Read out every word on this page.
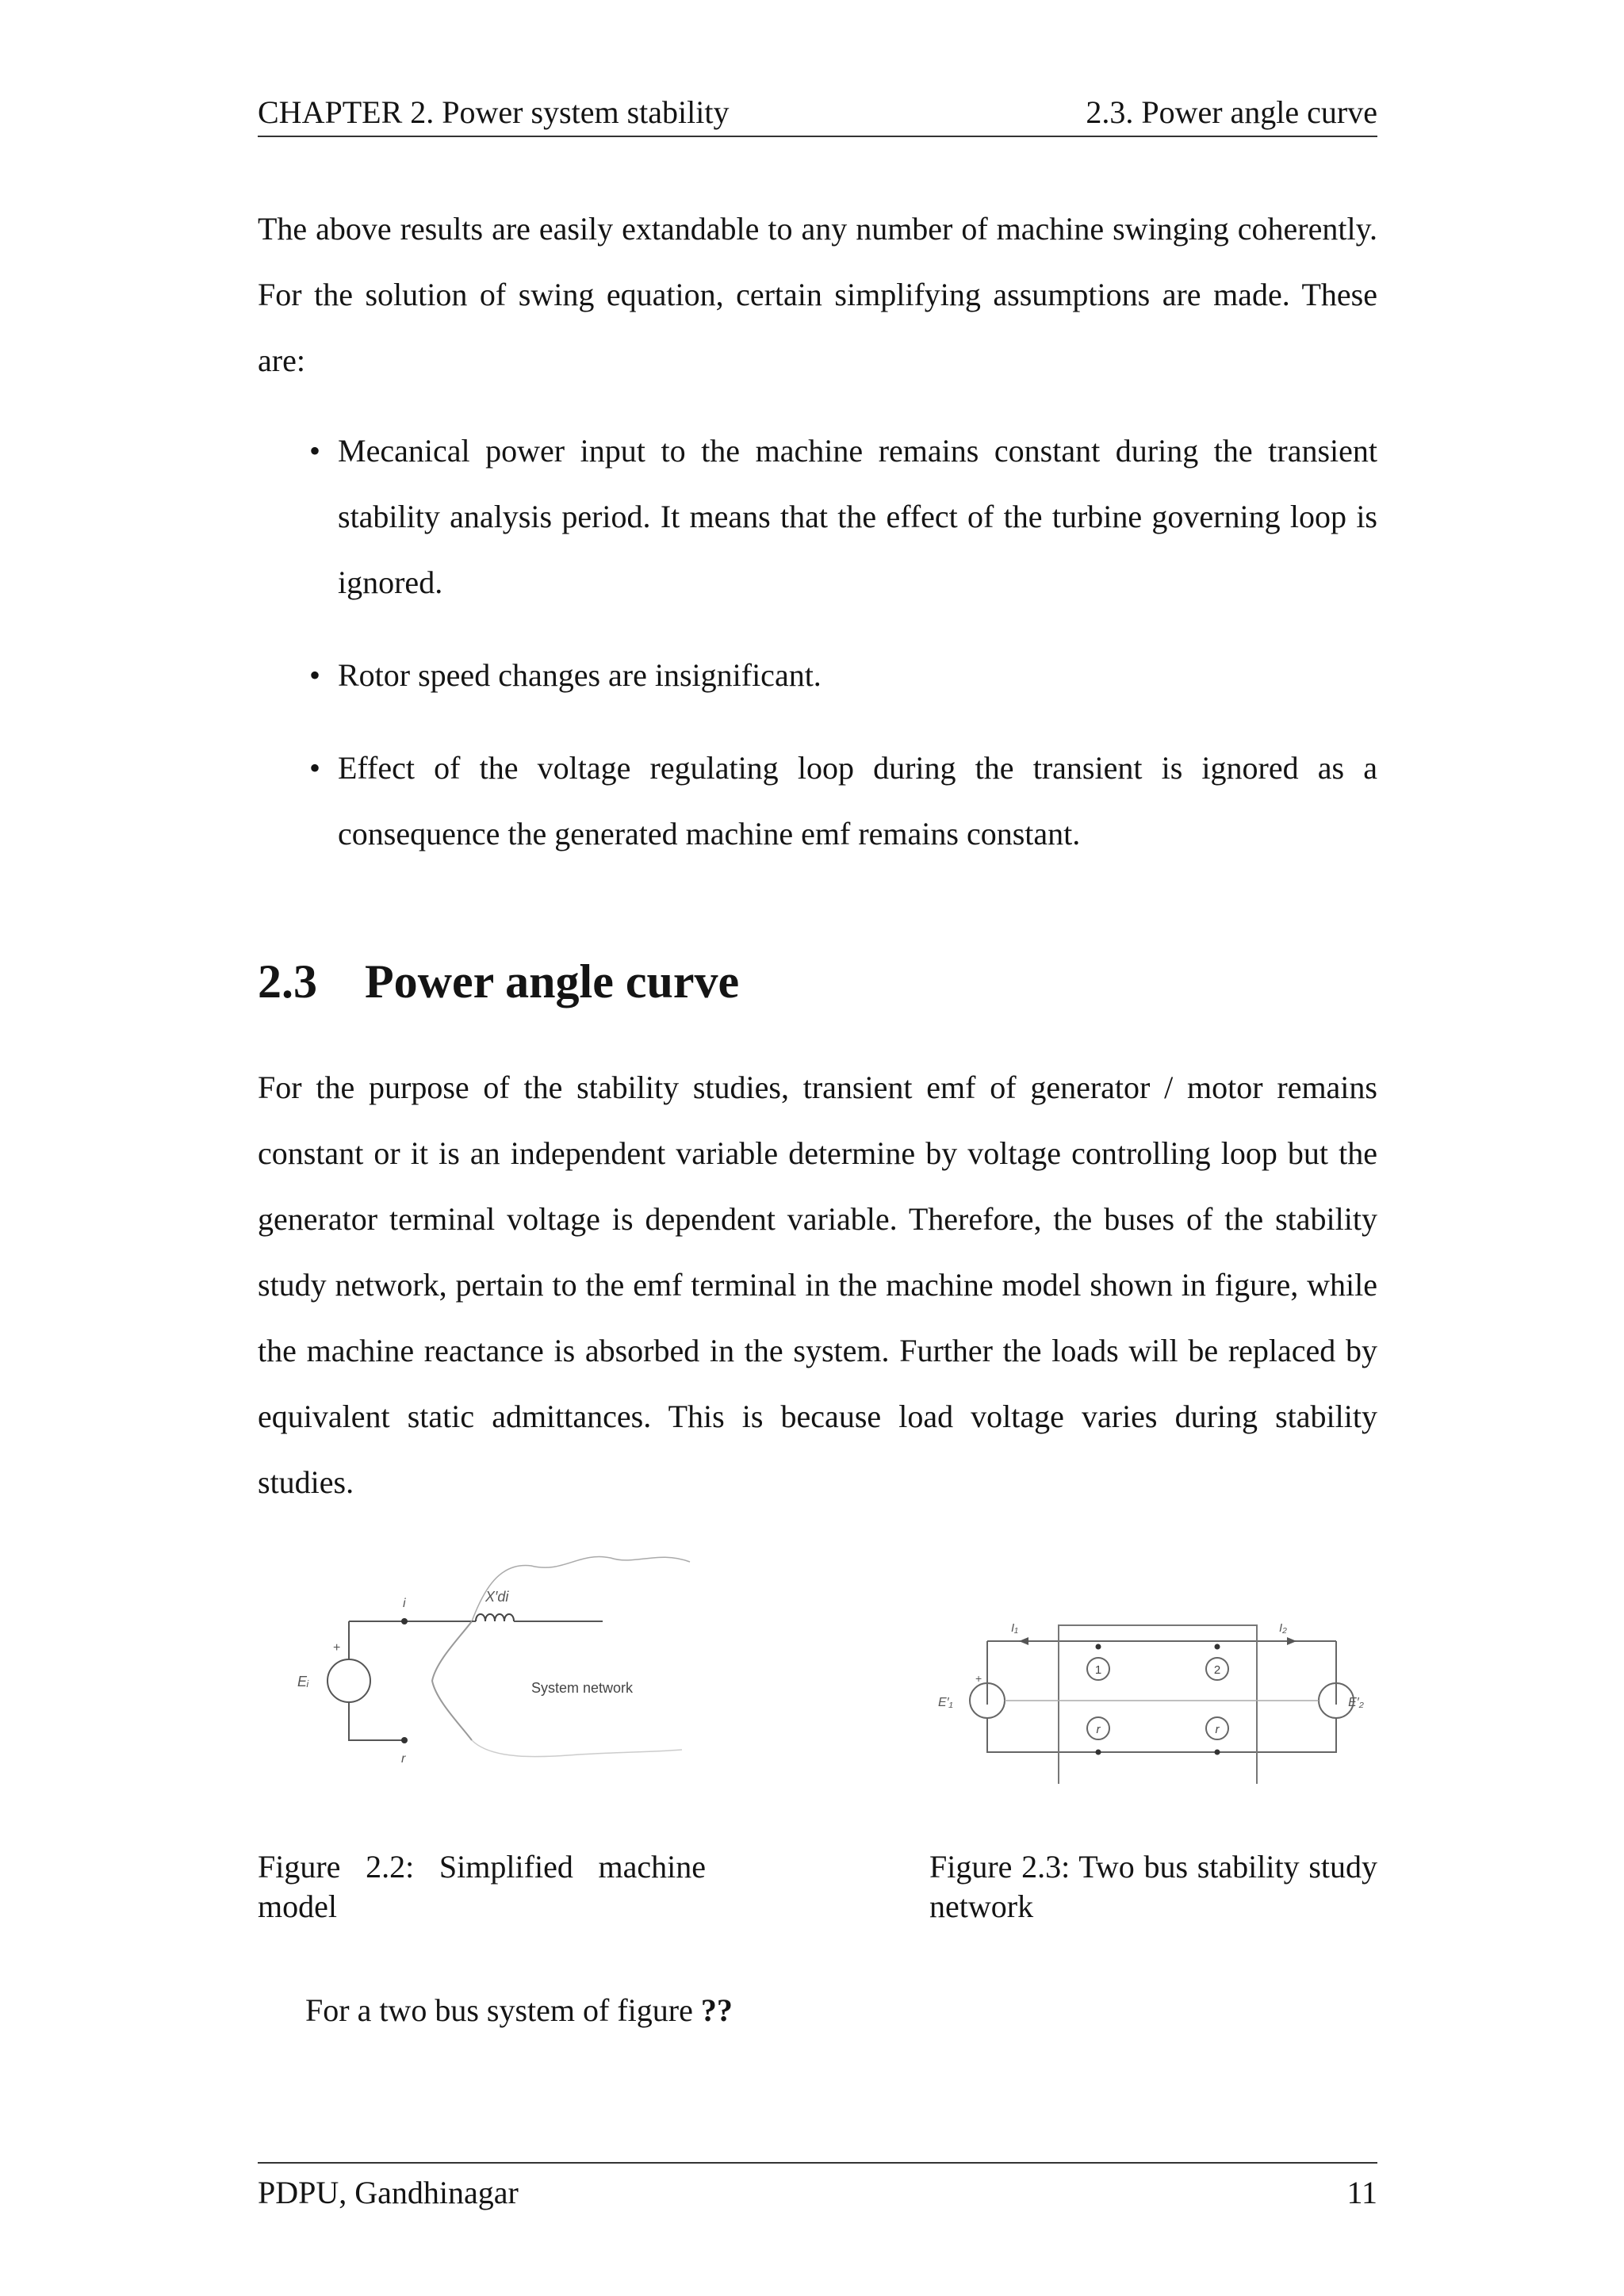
CHAPTER 2. Power system stability	2.3. Power angle curve

The above results are easily extandable to any number of machine swinging coherently. For the solution of swing equation, certain simplifying assumptions are made. These are:

• Mecanical power input to the machine remains constant during the transient stability analysis period. It means that the effect of the turbine governing loop is ignored.
• Rotor speed changes are insignificant.
• Effect of the voltage regulating loop during the transient is ignored as a consequence the generated machine emf remains constant.
2.3 Power angle curve

For the purpose of the stability studies, transient emf of generator / motor remains constant or it is an independent variable determine by voltage controlling loop but the generator terminal voltage is dependent variable. Therefore, the buses of the stability study network, pertain to the emf terminal in the machine model shown in figure, while the machine reactance is absorbed in the system. Further the loads will be replaced by equivalent static admittances. This is because load voltage varies during stability studies.

+
Eᵢ
i
r
X′di
System network
Figure 2.2: Simplified machine model
I₁	I₂
E′₁	E′₂
+
1	2
r	r
Figure 2.3: Two bus stability study network
For a two bus system of figure ??
PDPU, Gandhinagar	11
